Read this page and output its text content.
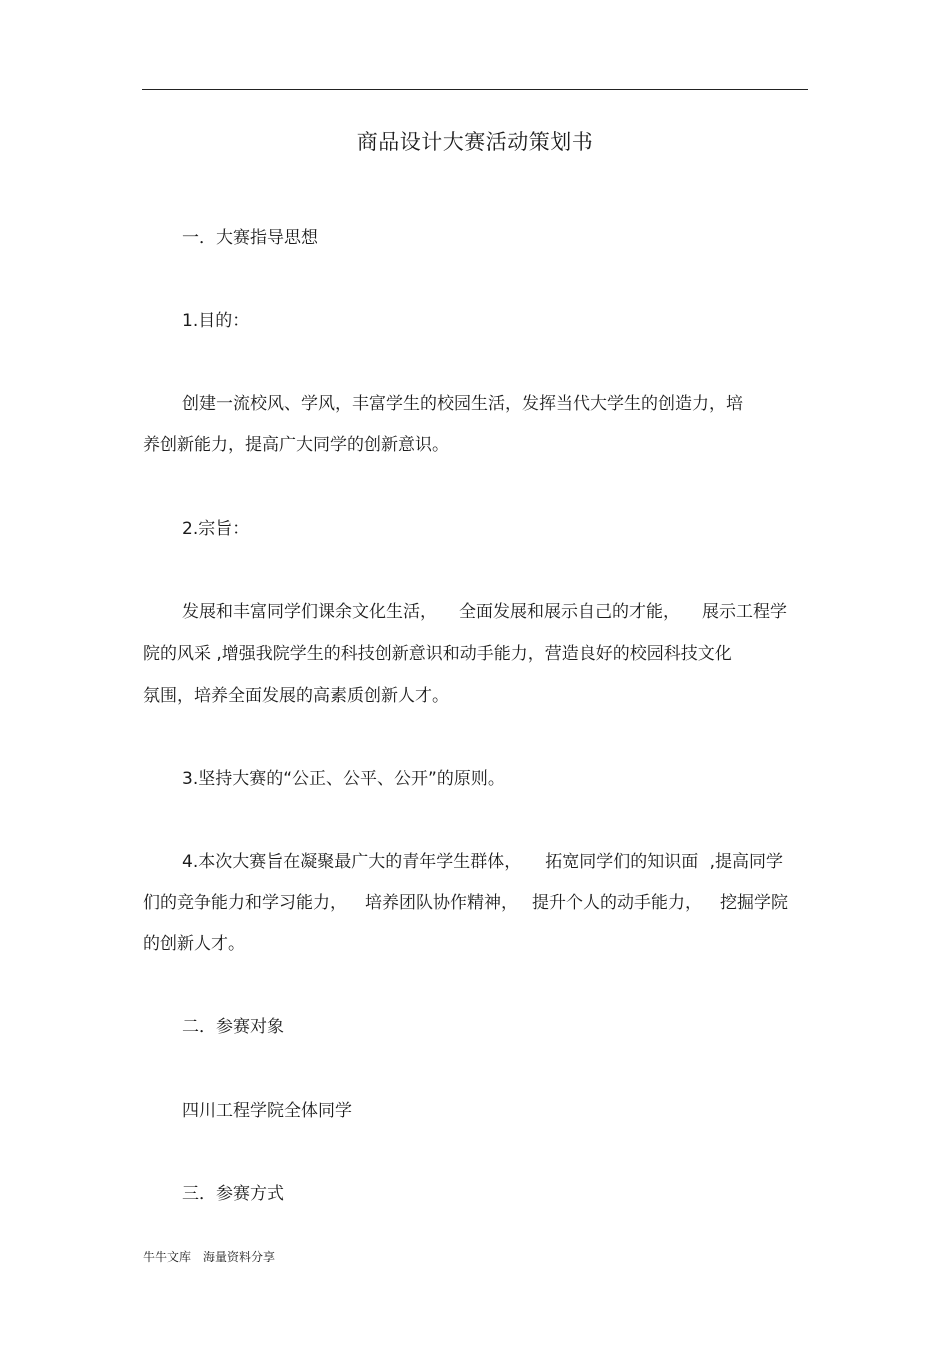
商品设计大赛活动策划书
一．大赛指导思想
1.目的：
创建一流校风、学风，丰富学生的校园生活，发挥当代大学生的创造力，培
养创新能力，提高广大同学的创新意识。
2.宗旨：
发展和丰富同学们课余文化生活， 全面发展和展示自己的才能， 展示工程学
院的风采 ,增强我院学生的科技创新意识和动手能力，营造良好的校园科技文化
氛围，培养全面发展的高素质创新人才。
3.坚持大赛的“公正、公平、公开”的原则。
4.本次大赛旨在凝聚最广大的青年学生群体， 拓宽同学们的知识面 ,提高同学
们的竞争能力和学习能力， 培养团队协作精神， 提升个人的动手能力， 挖掘学院
的创新人才。
二．参赛对象
四川工程学院全体同学
三．参赛方式
牛牛文库　海量资料分享
